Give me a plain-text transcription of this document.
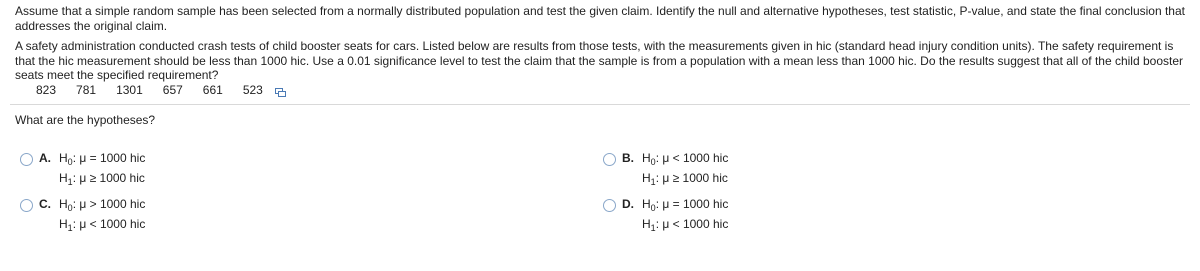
Assume that a simple random sample has been selected from a normally distributed population and test the given claim. Identify the null and alternative hypotheses, test statistic, P-value, and state the final conclusion that addresses the original claim.

A safety administration conducted crash tests of child booster seats for cars. Listed below are results from those tests, with the measurements given in hic (standard head injury condition units). The safety requirement is that the hic measurement should be less than 1000 hic. Use a 0.01 significance level to test the claim that the sample is from a population with a mean less than 1000 hic. Do the results suggest that all of the child booster seats meet the specified requirement?

823 781 1301 657 661 523
What are the hypotheses?
A. $H_0$: μ = 1000 hic
$H_1$: μ ≥ 1000 hic
B. $H_0$: μ < 1000 hic
$H_1$: μ ≥ 1000 hic
C. $H_0$: μ > 1000 hic
$H_1$: μ < 1000 hic
D. $H_0$: μ = 1000 hic
$H_1$: μ < 1000 hic
